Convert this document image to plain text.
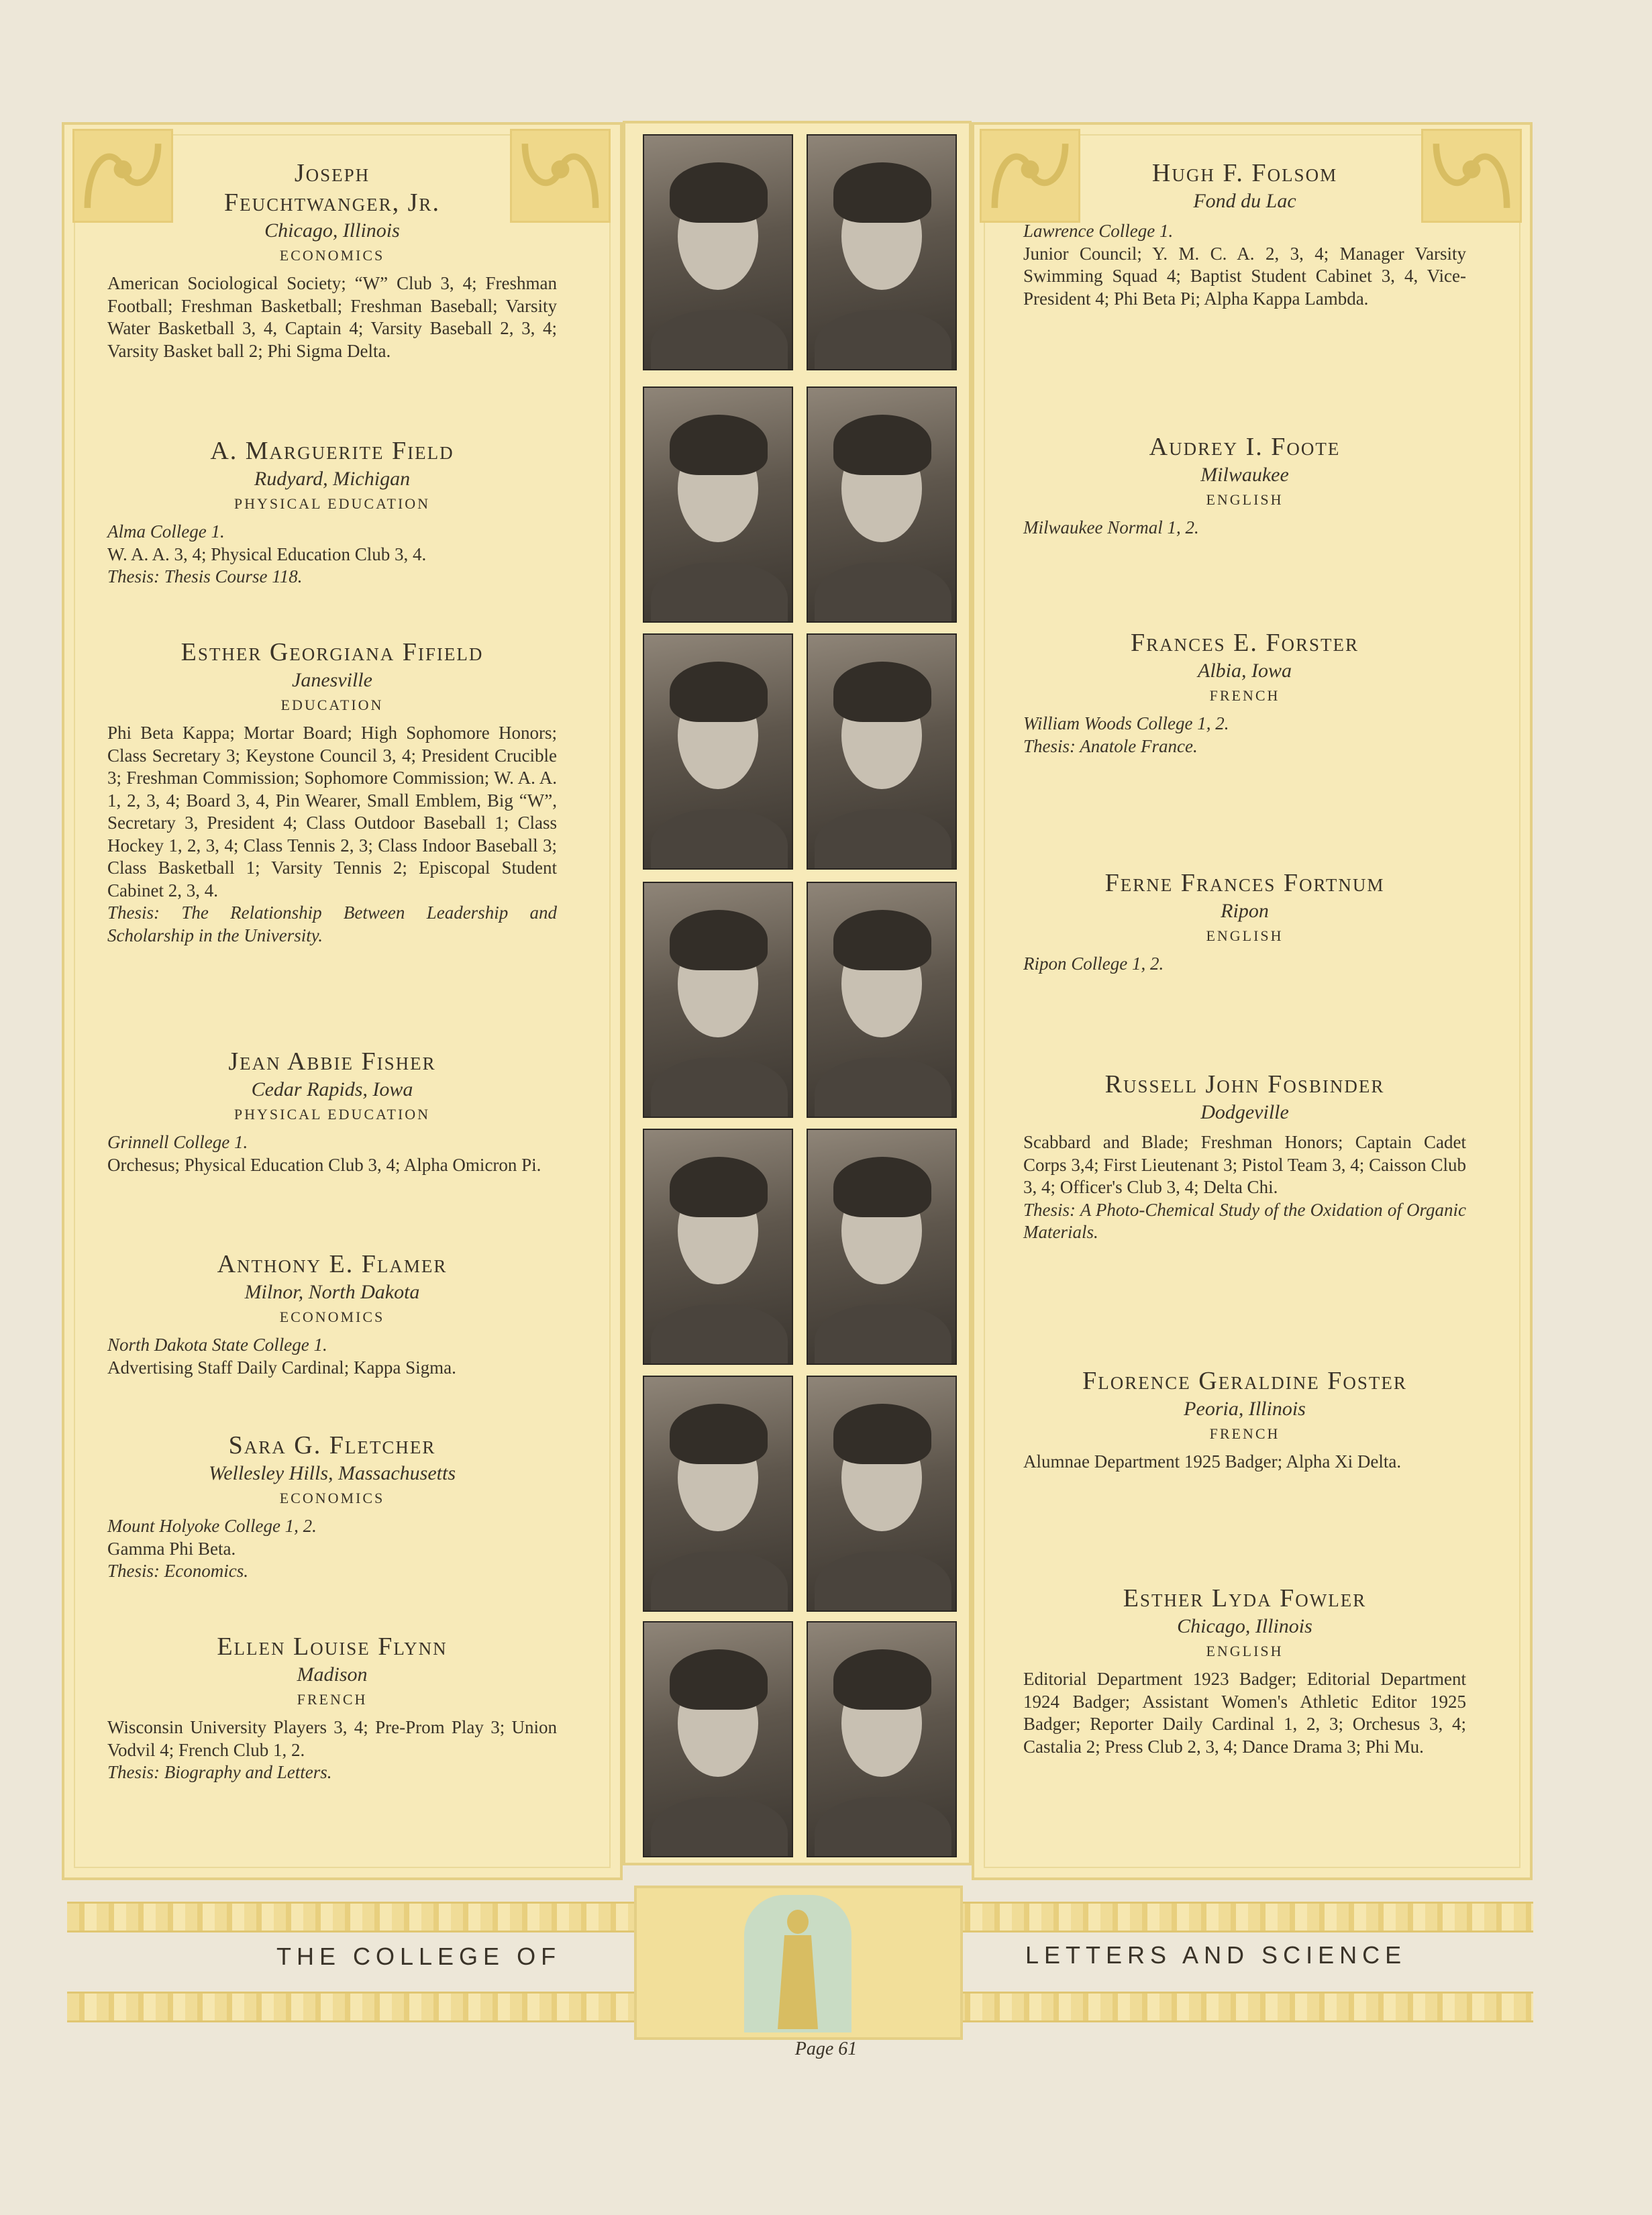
Joseph
Feuchtwanger, Jr.
Chicago, Illinois
ECONOMICS
American Sociological Society; “W” Club 3, 4; Freshman Football; Freshman Basketball; Freshman Baseball; Varsity Water Basketball 3, 4, Captain 4; Varsity Baseball 2, 3, 4; Varsity Basket ball 2; Phi Sigma Delta.
A. Marguerite Field
Rudyard, Michigan
PHYSICAL EDUCATION
Alma College 1.
W. A. A. 3, 4; Physical Education Club 3, 4.
Thesis: Thesis Course 118.
Esther Georgiana Fifield
Janesville
EDUCATION
Phi Beta Kappa; Mortar Board; High Sophomore Honors; Class Secretary 3; Keystone Council 3, 4; President Crucible 3; Freshman Commission; Sophomore Commission; W. A. A. 1, 2, 3, 4; Board 3, 4, Pin Wearer, Small Emblem, Big “W”, Secretary 3, President 4; Class Outdoor Baseball 1; Class Hockey 1, 2, 3, 4; Class Tennis 2, 3; Class Indoor Baseball 3; Class Basketball 1; Varsity Tennis 2; Episcopal Student Cabinet 2, 3, 4.
Thesis: The Relationship Between Leadership and Scholarship in the University.
Jean Abbie Fisher
Cedar Rapids, Iowa
PHYSICAL EDUCATION
Grinnell College 1.
Orchesus; Physical Education Club 3, 4; Alpha Omicron Pi.
Anthony E. Flamer
Milnor, North Dakota
ECONOMICS
North Dakota State College 1.
Advertising Staff Daily Cardinal; Kappa Sigma.
Sara G. Fletcher
Wellesley Hills, Massachusetts
ECONOMICS
Mount Holyoke College 1, 2.
Gamma Phi Beta.
Thesis: Economics.
Ellen Louise Flynn
Madison
FRENCH
Wisconsin University Players 3, 4; Pre-Prom Play 3; Union Vodvil 4; French Club 1, 2.
Thesis: Biography and Letters.
Hugh F. Folsom
Fond du Lac
Lawrence College 1.
Junior Council; Y. M. C. A. 2, 3, 4; Manager Varsity Swimming Squad 4; Baptist Student Cabinet 3, 4, Vice-President 4; Phi Beta Pi; Alpha Kappa Lambda.
Audrey I. Foote
Milwaukee
ENGLISH
Milwaukee Normal 1, 2.
Frances E. Forster
Albia, Iowa
FRENCH
William Woods College 1, 2.
Thesis: Anatole France.
Ferne Frances Fortnum
Ripon
ENGLISH
Ripon College 1, 2.
Russell John Fosbinder
Dodgeville
Scabbard and Blade; Freshman Honors; Captain Cadet Corps 3,4; First Lieutenant 3; Pistol Team 3, 4; Caisson Club 3, 4; Officer's Club 3, 4; Delta Chi.
Thesis: A Photo-Chemical Study of the Oxidation of Organic Materials.
Florence Geraldine Foster
Peoria, Illinois
FRENCH
Alumnae Department 1925 Badger; Alpha Xi Delta.
Esther Lyda Fowler
Chicago, Illinois
ENGLISH
Editorial Department 1923 Badger; Editorial Department 1924 Badger; Assistant Women's Athletic Editor 1925 Badger; Reporter Daily Cardinal 1, 2, 3; Orchesus 3, 4; Castalia 2; Press Club 2, 3, 4; Dance Drama 3; Phi Mu.
THE COLLEGE OF	LETTERS AND SCIENCE
Page 61
